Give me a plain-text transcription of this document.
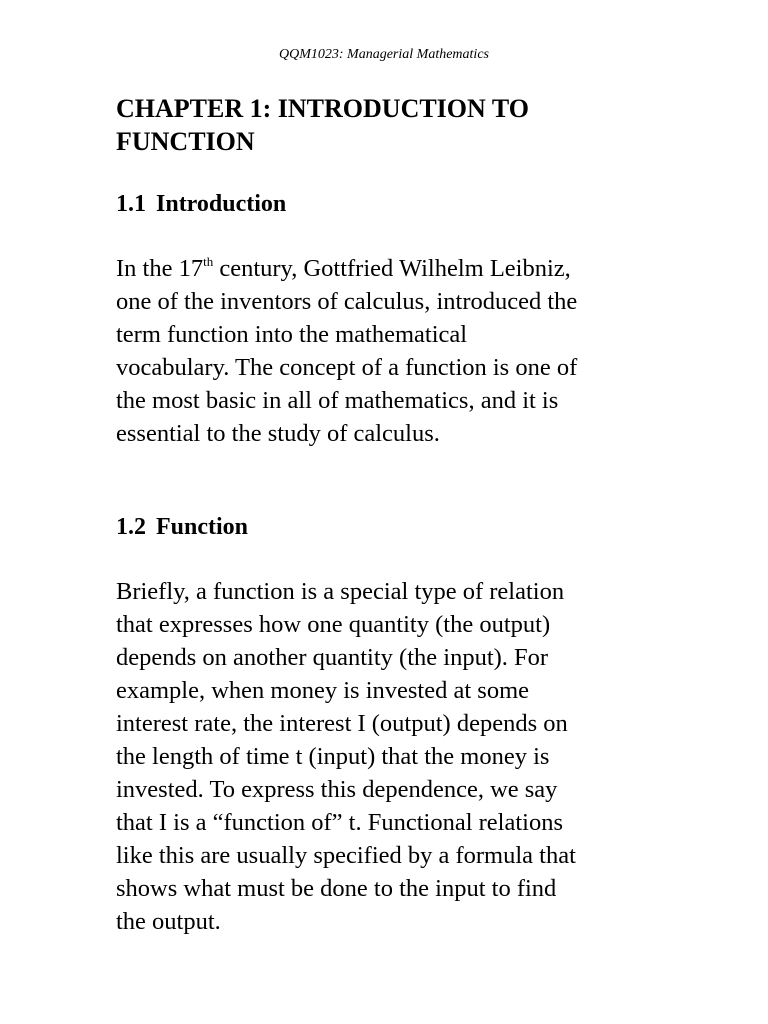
QQM1023: Managerial Mathematics
CHAPTER 1: INTRODUCTION TO
FUNCTION
1.1 Introduction

In the 17th century, Gottfried Wilhelm Leibniz,
one of the inventors of calculus, introduced the
term function into the mathematical
vocabulary. The concept of a function is one of
the most basic in all of mathematics, and it is
essential to the study of calculus.

1.2 Function

Briefly, a function is a special type of relation
that expresses how one quantity (the output)
depends on another quantity (the input). For
example, when money is invested at some
interest rate, the interest I (output) depends on
the length of time t (input) that the money is
invested. To express this dependence, we say
that I is a “function of” t. Functional relations
like this are usually specified by a formula that
shows what must be done to the input to find
the output.
